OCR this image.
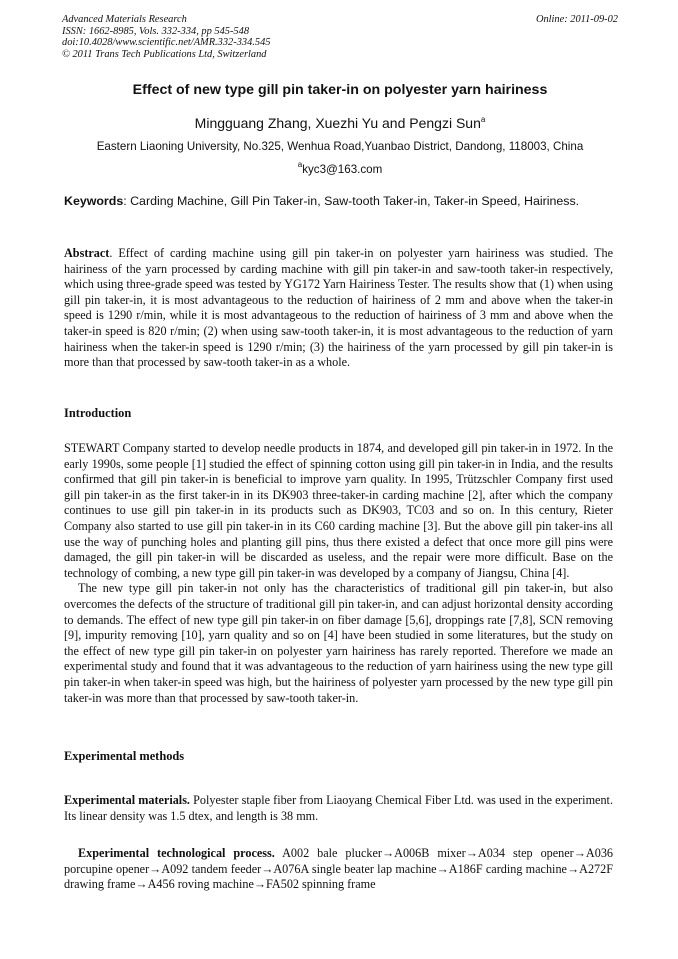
Advanced Materials Research
ISSN: 1662-8985, Vols. 332-334, pp 545-548
doi:10.4028/www.scientific.net/AMR.332-334.545
© 2011 Trans Tech Publications Ltd, Switzerland
Online: 2011-09-02
Effect of new type gill pin taker-in on polyester yarn hairiness
Mingguang Zhang, Xuezhi Yu and Pengzi Sun$^a$
Eastern Liaoning University, No.325, Wenhua Road,Yuanbao District, Dandong, 118003, China
$^a$kyc3@163.com
Keywords: Carding Machine, Gill Pin Taker-in, Saw-tooth Taker-in, Taker-in Speed, Hairiness.

Abstract. Effect of carding machine using gill pin taker-in on polyester yarn hairiness was studied. The hairiness of the yarn processed by carding machine with gill pin taker-in and saw-tooth taker-in respectively, which using three-grade speed was tested by YG172 Yarn Hairiness Tester. The results show that (1) when using gill pin taker-in, it is most advantageous to the reduction of hairiness of 2 mm and above when the taker-in speed is 1290 r/min, while it is most advantageous to the reduction of hairiness of 3 mm and above when the taker-in speed is 820 r/min; (2) when using saw-tooth taker-in, it is most advantageous to the reduction of yarn hairiness when the taker-in speed is 1290 r/min; (3) the hairiness of the yarn processed by gill pin taker-in is more than that processed by saw-tooth taker-in as a whole.

Introduction

STEWART Company started to develop needle products in 1874, and developed gill pin taker-in in 1972. In the early 1990s, some people [1] studied the effect of spinning cotton using gill pin taker-in in India, and the results confirmed that gill pin taker-in is beneficial to improve yarn quality. In 1995, Trützschler Company first used gill pin taker-in as the first taker-in in its DK903 three-taker-in carding machine [2], after which the company continues to use gill pin taker-in in its products such as DK903, TC03 and so on. In this century, Rieter Company also started to use gill pin taker-in in its C60 carding machine [3]. But the above gill pin taker-ins all use the way of punching holes and planting gill pins, thus there existed a defect that once more gill pins were damaged, the gill pin taker-in will be discarded as useless, and the repair were more difficult. Base on the technology of combing, a new type gill pin taker-in was developed by a company of Jiangsu, China [4].

The new type gill pin taker-in not only has the characteristics of traditional gill pin taker-in, but also overcomes the defects of the structure of traditional gill pin taker-in, and can adjust horizontal density according to demands. The effect of new type gill pin taker-in on fiber damage [5,6], droppings rate [7,8], SCN removing [9], impurity removing [10], yarn quality and so on [4] have been studied in some literatures, but the study on the effect of new type gill pin taker-in on polyester yarn hairiness has rarely reported. Therefore we made an experimental study and found that it was advantageous to the reduction of yarn hairiness using the new type gill pin taker-in when taker-in speed was high, but the hairiness of polyester yarn processed by the new type gill pin taker-in was more than that processed by saw-tooth taker-in.

Experimental methods

Experimental materials. Polyester staple fiber from Liaoyang Chemical Fiber Ltd. was used in the experiment. Its linear density was 1.5 dtex, and length is 38 mm.

Experimental technological process. A002 bale plucker→A006B mixer→A034 step opener→A036 porcupine opener→A092 tandem feeder→A076A single beater lap machine→A186F carding machine→A272F drawing frame→A456 roving machine→FA502 spinning frame
